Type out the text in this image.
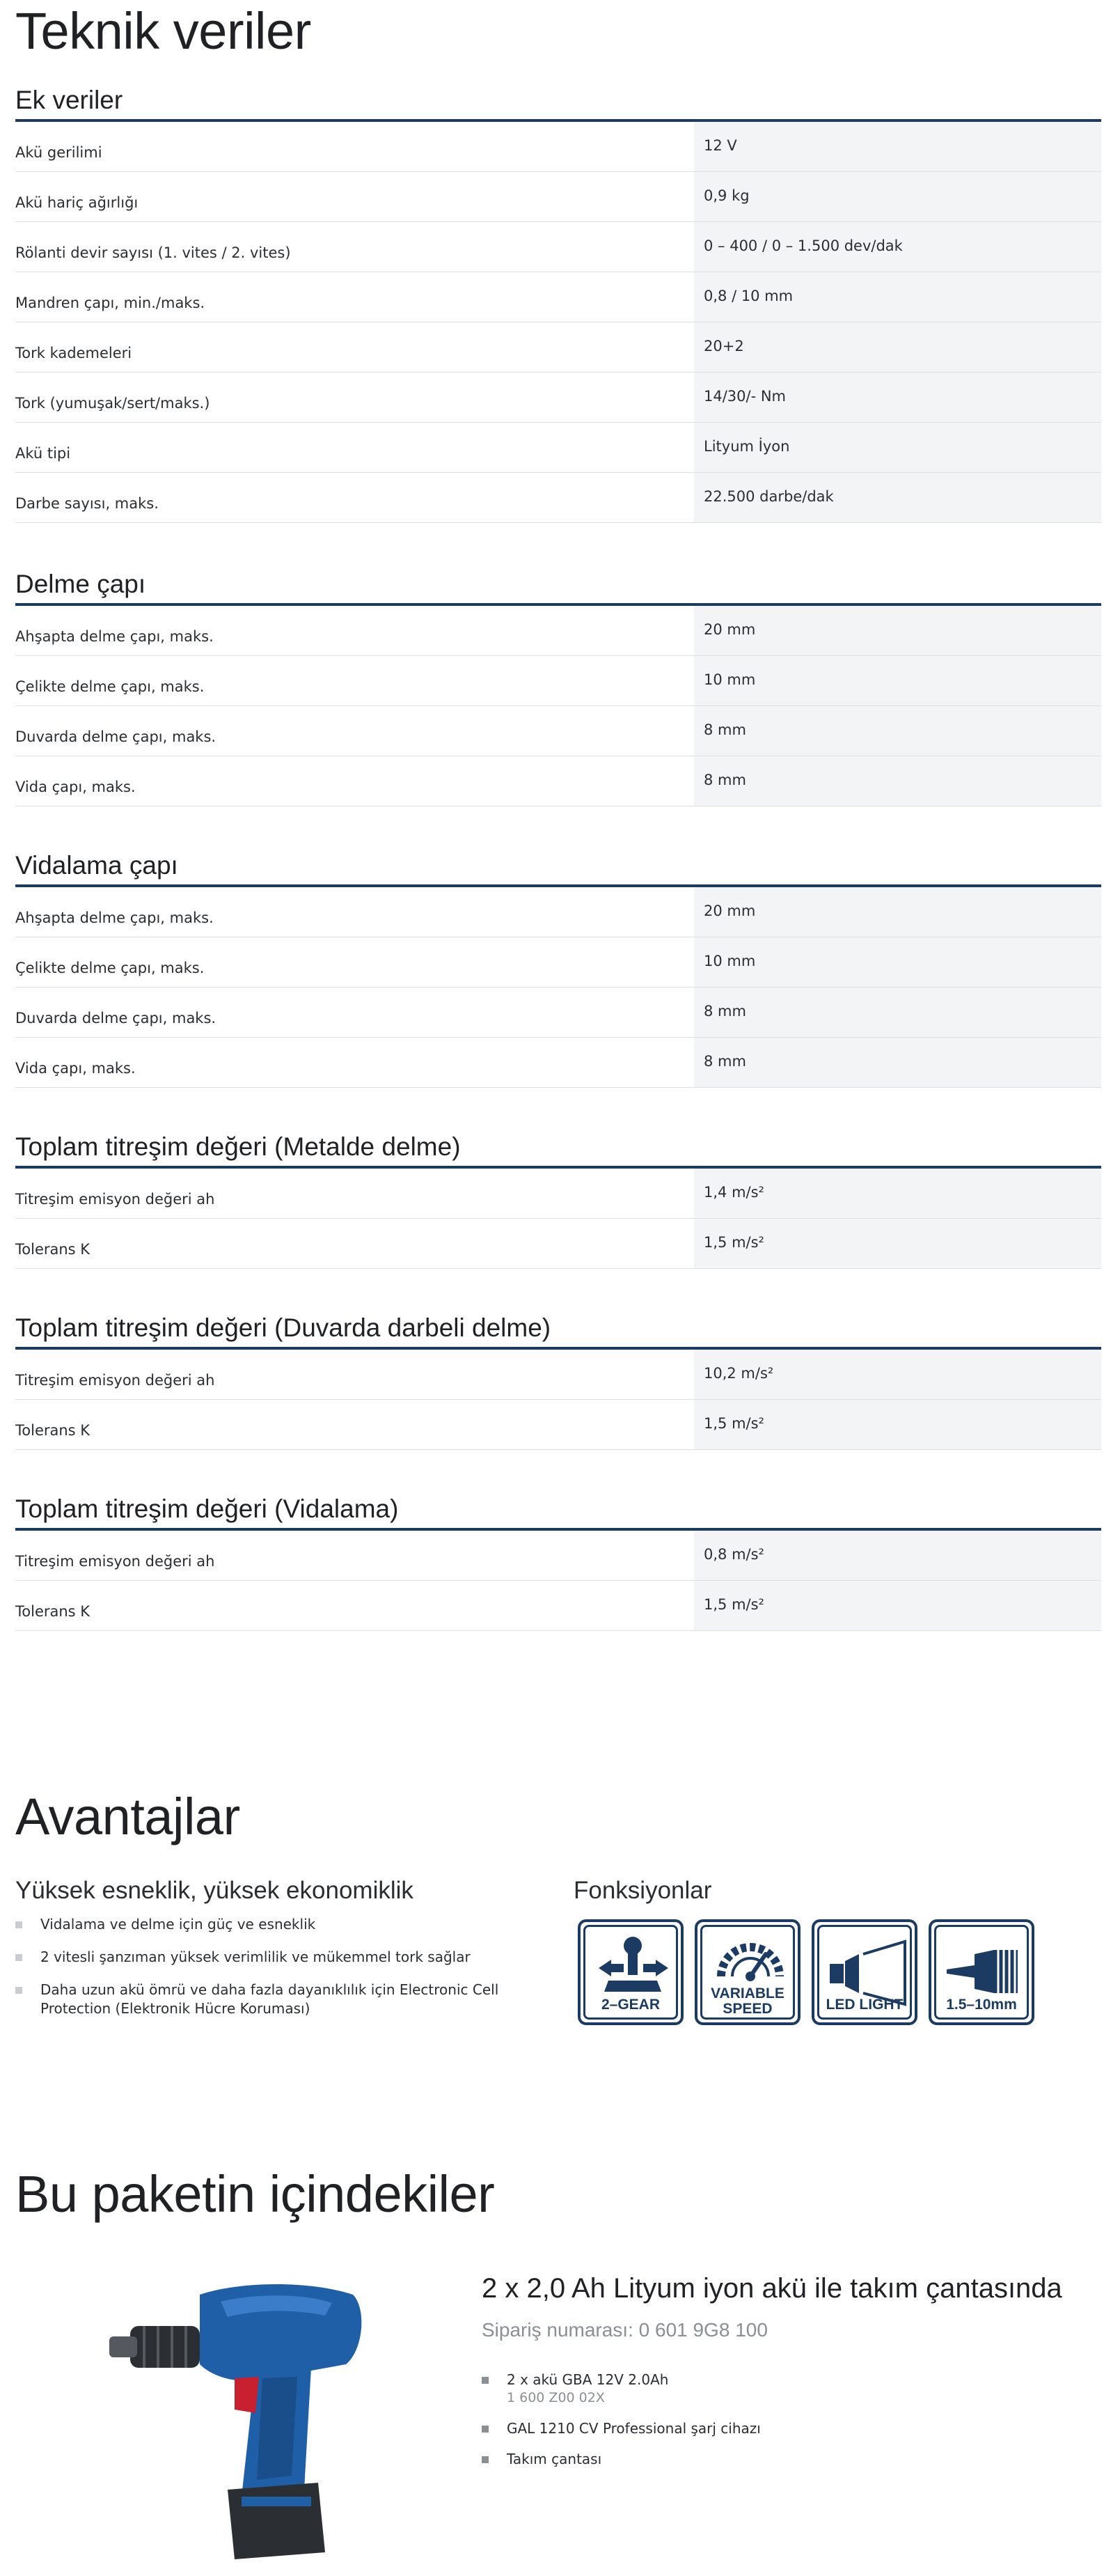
Teknik veriler
Ek veriler
Akü gerilimi	12 V
Akü hariç ağırlığı	0,9 kg
Rölanti devir sayısı (1. vites / 2. vites)	0 – 400 / 0 – 1.500 dev/dak
Mandren çapı, min./maks.	0,8 / 10 mm
Tork kademeleri	20+2
Tork (yumuşak/sert/maks.)	14/30/- Nm
Akü tipi	Lityum İyon
Darbe sayısı, maks.	22.500 darbe/dak
Delme çapı
Ahşapta delme çapı, maks.	20 mm
Çelikte delme çapı, maks.	10 mm
Duvarda delme çapı, maks.	8 mm
Vida çapı, maks.	8 mm
Vidalama çapı
Ahşapta delme çapı, maks.	20 mm
Çelikte delme çapı, maks.	10 mm
Duvarda delme çapı, maks.	8 mm
Vida çapı, maks.	8 mm
Toplam titreşim değeri (Metalde delme)
Titreşim emisyon değeri ah	1,4 m/s²
Tolerans K	1,5 m/s²
Toplam titreşim değeri (Duvarda darbeli delme)
Titreşim emisyon değeri ah	10,2 m/s²
Tolerans K	1,5 m/s²
Toplam titreşim değeri (Vidalama)
Titreşim emisyon değeri ah	0,8 m/s²
Tolerans K	1,5 m/s²
Avantajlar
Yüksek esneklik, yüksek ekonomiklik
Vidalama ve delme için güç ve esneklik
2 vitesli şanzıman yüksek verimlilik ve mükemmel tork sağlar
Daha uzun akü ömrü ve daha fazla dayanıklılık için Electronic Cell Protection (Elektronik Hücre Koruması)
Fonksiyonlar
2–GEAR
VARIABLE
SPEED	LED LIGHT	1.5–10mm
Bu paketin içindekiler
2 x 2,0 Ah Lityum iyon akü ile takım çantasında
Sipariş numarası: 0 601 9G8 100
2 x akü GBA 12V 2.0Ah
1 600 Z00 02X
GAL 1210 CV Professional şarj cihazı
Takım çantası
